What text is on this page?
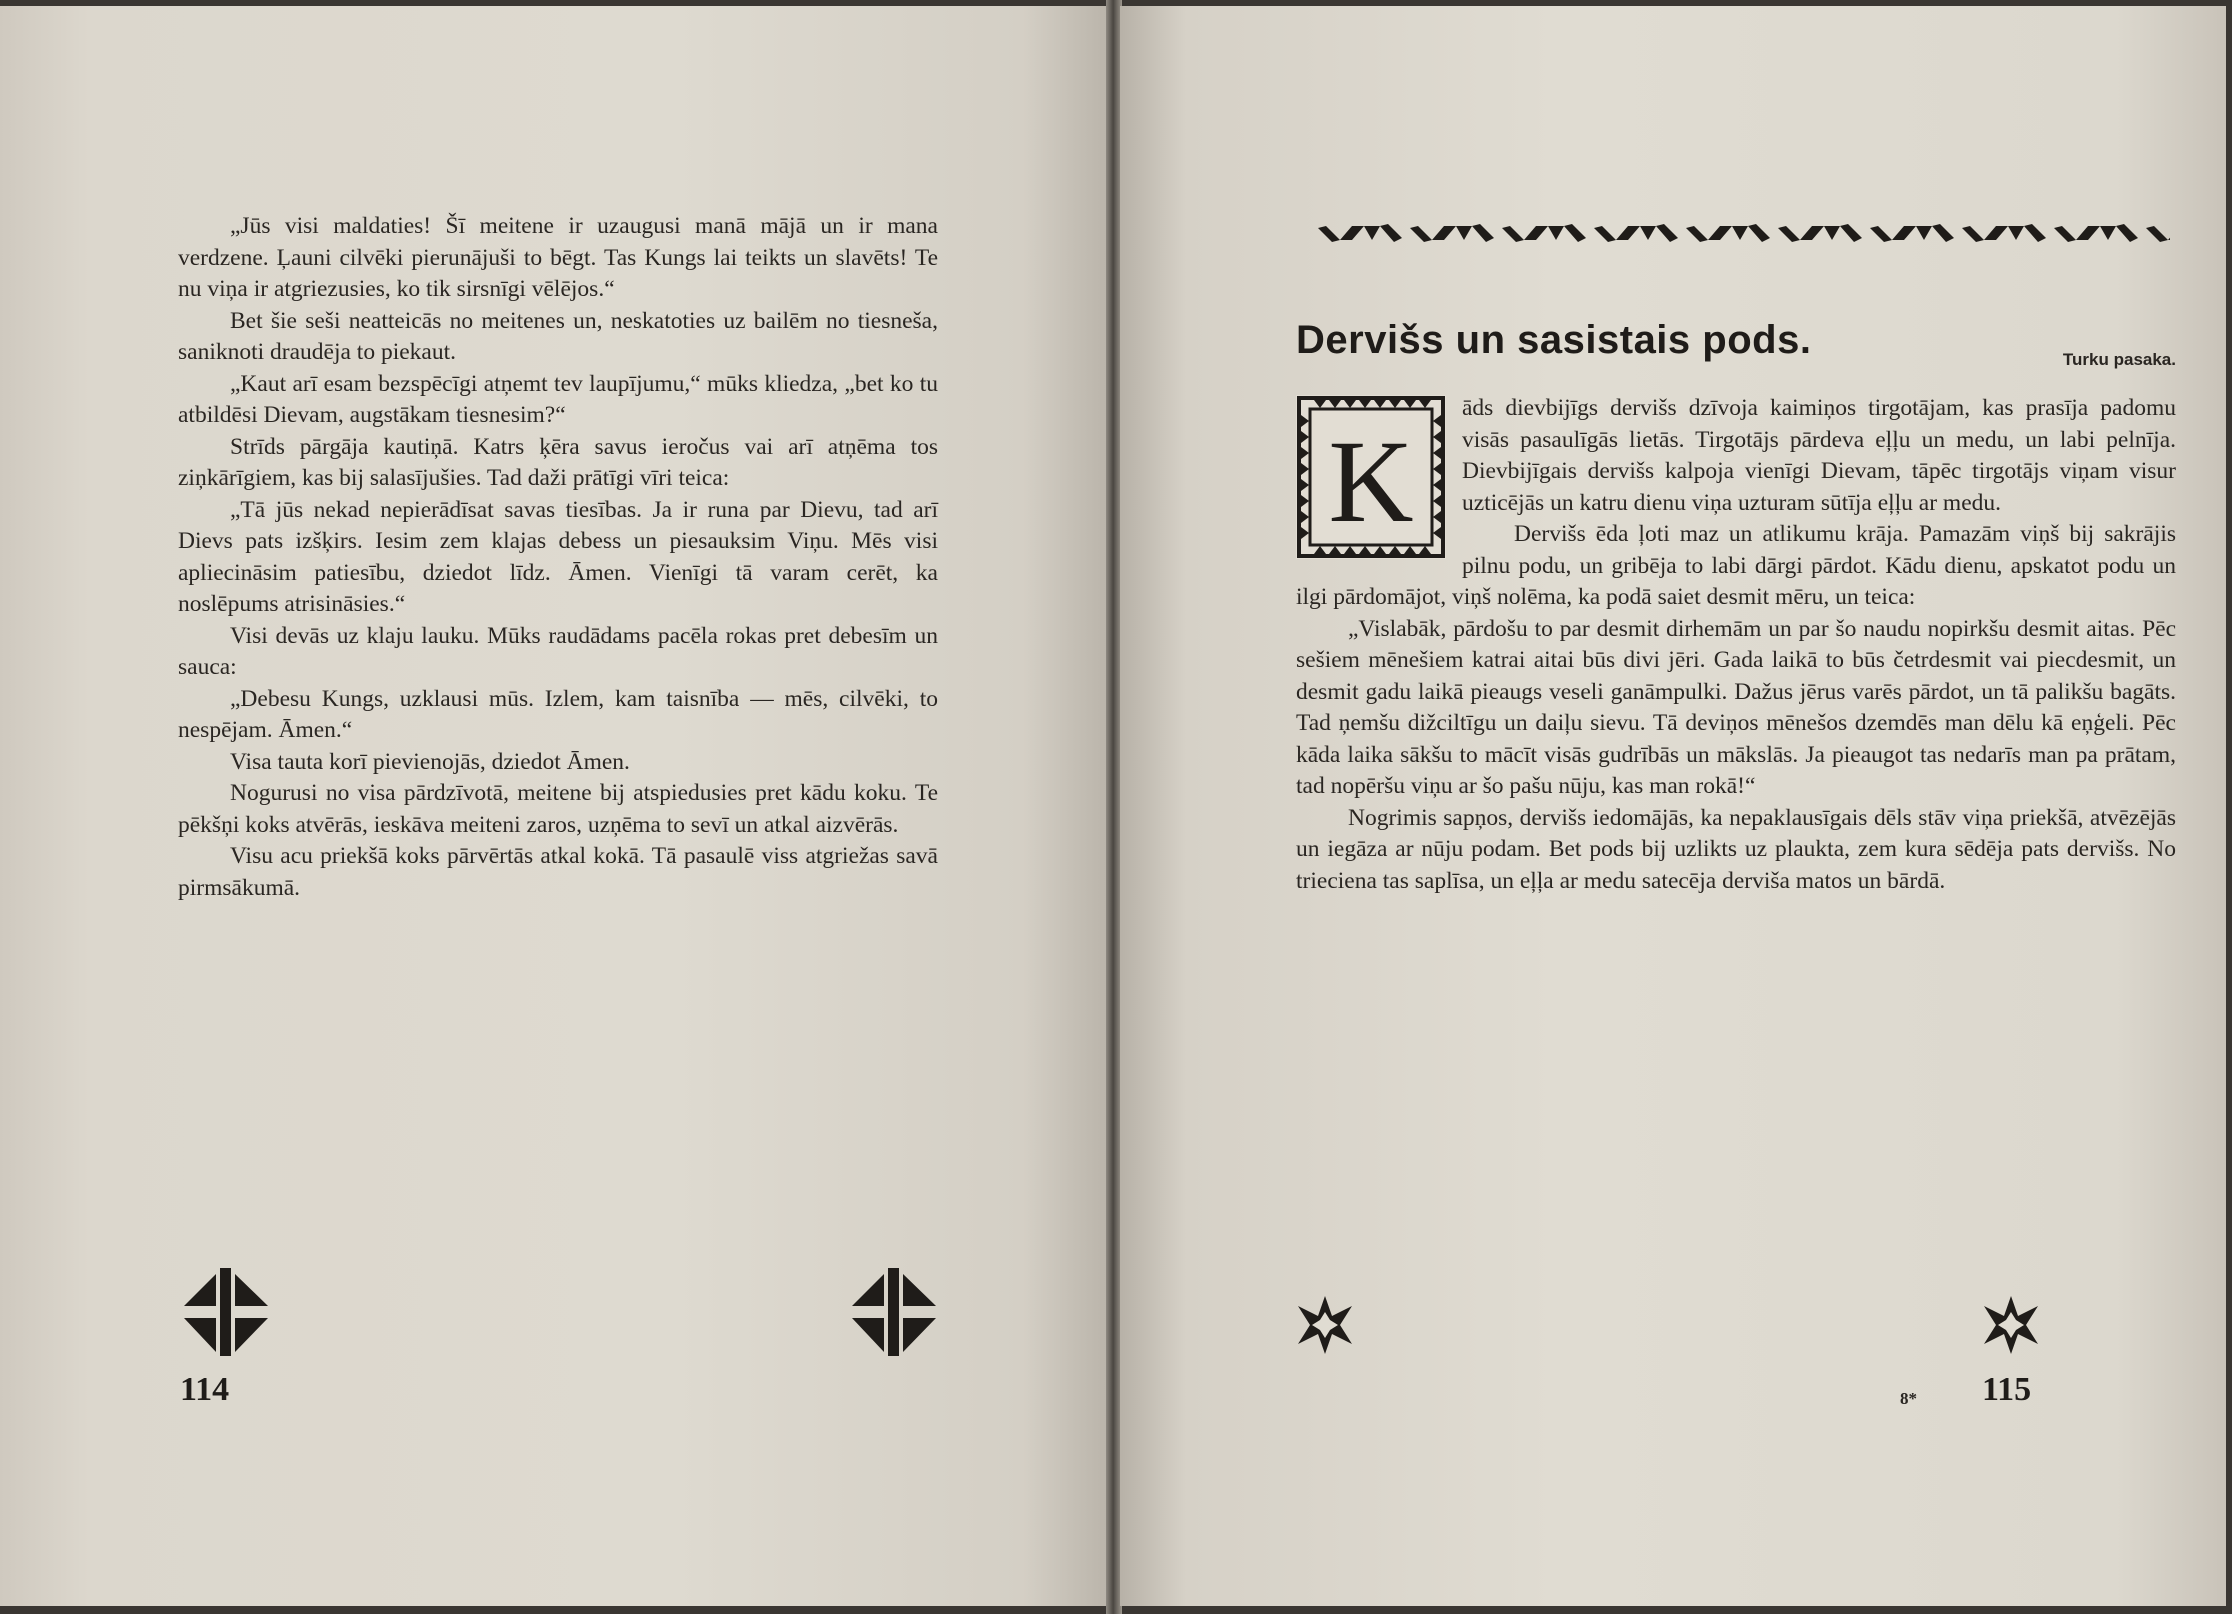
„Jūs visi maldaties! Šī meitene ir uzaugusi manā mājā un ir mana verdzene. Ļauni cilvēki pierunājuši to bēgt. Tas Kungs lai teikts un slavēts! Te nu viņa ir atgriezusies, ko tik sirsnīgi vēlējos.“

Bet šie seši neatteicās no meitenes un, neskatoties uz bailēm no tiesneša, saniknoti draudēja to piekaut.

„Kaut arī esam bezspēcīgi atņemt tev laupījumu,“ mūks kliedza, „bet ko tu atbildēsi Dievam, augstākam tiesnesim?“

Strīds pārgāja kautiņā. Katrs ķēra savus ieročus vai arī atņēma tos ziņkārīgiem, kas bij salasījušies. Tad daži prātīgi vīri teica:

„Tā jūs nekad nepierādīsat savas tiesības. Ja ir runa par Dievu, tad arī Dievs pats izšķirs. Iesim zem klajas debess un piesauksim Viņu. Mēs visi apliecināsim patiesību, dziedot līdz. Āmen. Vienīgi tā varam cerēt, ka noslēpums atrisināsies.“

Visi devās uz klaju lauku. Mūks raudādams pacēla rokas pret debesīm un sauca:

„Debesu Kungs, uzklausi mūs. Izlem, kam taisnība — mēs, cilvēki, to nespējam. Āmen.“

Visa tauta korī pievienojās, dziedot Āmen.

Nogurusi no visa pārdzīvotā, meitene bij atspiedusies pret kādu koku. Te pēkšņi koks atvērās, ieskāva meiteni zaros, uzņēma to sevī un atkal aizvērās.

Visu acu priekšā koks pārvērtās atkal kokā. Tā pasaulē viss atgriežas savā pirmsākumā.

114
Dervišs un sasistais pods.	Turku pasaka.
K

āds dievbijīgs dervišs dzīvoja kaimiņos tirgotājam, kas prasīja padomu visās pasaulīgās lietās. Tirgotājs pārdeva eļļu un medu, un labi pelnīja. Dievbijīgais dervišs kalpoja vienīgi Dievam, tāpēc tirgotājs viņam visur uzticējās un katru dienu viņa uzturam sūtīja eļļu ar medu.

Dervišs ēda ļoti maz un atlikumu krāja. Pamazām viņš bij sakrājis pilnu podu, un gribēja to labi dārgi pārdot. Kādu dienu, apskatot podu un ilgi pārdomājot, viņš nolēma, ka podā saiet desmit mēru, un teica:

„Vislabāk, pārdošu to par desmit dirhemām un par šo naudu nopirkšu desmit aitas. Pēc sešiem mēnešiem katrai aitai būs divi jēri. Gada laikā to būs četrdesmit vai piecdesmit, un desmit gadu laikā pieaugs veseli ganāmpulki. Dažus jērus varēs pārdot, un tā palikšu bagāts. Tad ņemšu dižciltīgu un daiļu sievu. Tā deviņos mēnešos dzemdēs man dēlu kā eņģeli. Pēc kāda laika sākšu to mācīt visās gudrībās un mākslās. Ja pieaugot tas nedarīs man pa prātam, tad nopēršu viņu ar šo pašu nūju, kas man rokā!“

Nogrimis sapņos, dervišs iedomājās, ka nepaklausīgais dēls stāv viņa priekšā, atvēzējās un iegāza ar nūju podam. Bet pods bij uzlikts uz plaukta, zem kura sēdēja pats dervišs. No trieciena tas saplīsa, un eļļa ar medu satecēja derviša matos un bārdā.

8* 115
